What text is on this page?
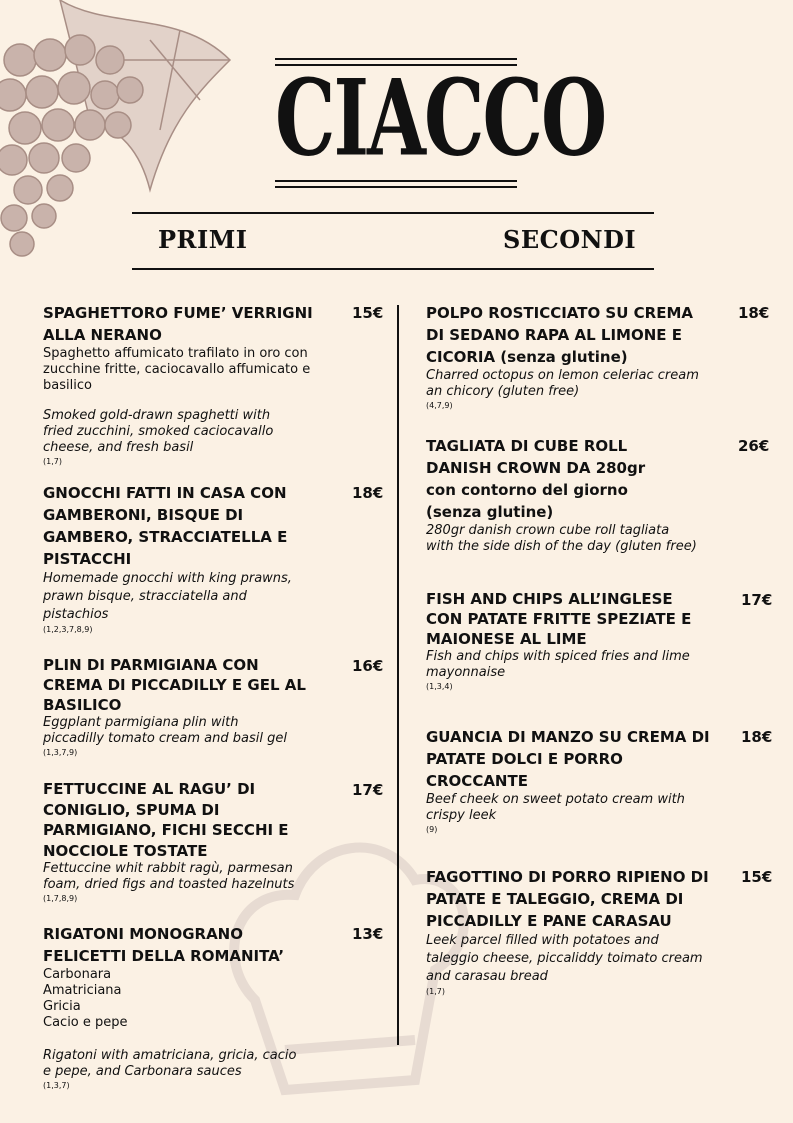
CIACCO
PRIMI	SECONDI
SPAGHETTORO FUME’ VERRIGNI
ALLA NERANO
15€
Spaghetto affumicato trafilato in oro con
zucchine fritte, caciocavallo affumicato e
basilico
Smoked gold-drawn spaghetti with
fried zucchini, smoked caciocavallo
cheese, and fresh basil
(1,7)
GNOCCHI FATTI IN CASA CON
GAMBERONI, BISQUE DI
GAMBERO, STRACCIATELLA E
PISTACCHI
18€
Homemade gnocchi with king prawns,
prawn bisque, stracciatella and
pistachios
(1,2,3,7,8,9)
PLIN DI PARMIGIANA CON
CREMA DI PICCADILLY E GEL AL
BASILICO
16€
Eggplant parmigiana plin with
piccadilly tomato cream and basil gel
(1,3,7,9)
FETTUCCINE AL RAGU’ DI
CONIGLIO, SPUMA DI
PARMIGIANO, FICHI SECCHI E
NOCCIOLE TOSTATE
17€
Fettuccine whit rabbit ragù, parmesan
foam, dried figs and toasted hazelnuts
(1,7,8,9)
RIGATONI MONOGRANO
FELICETTI DELLA ROMANITA’
13€
Carbonara
Amatriciana
Gricia
Cacio e pepe
Rigatoni with amatriciana, gricia, cacio
e pepe, and Carbonara sauces
(1,3,7)
POLPO ROSTICCIATO SU CREMA
DI SEDANO RAPA AL LIMONE E
CICORIA (senza glutine)
18€
Charred octopus on lemon celeriac cream
an chicory (gluten free)
(4,7,9)
TAGLIATA DI CUBE ROLL
DANISH CROWN DA 280gr
con contorno del giorno
(senza glutine)
26€
280gr danish crown cube roll tagliata
with the side dish of the day (gluten free)
FISH AND CHIPS ALL’INGLESE
CON PATATE FRITTE SPEZIATE E
MAIONESE AL LIME
17€
Fish and chips with spiced fries and lime
mayonnaise
(1,3,4)
GUANCIA DI MANZO SU CREMA DI
PATATE DOLCI E PORRO
CROCCANTE
18€
Beef cheek on sweet potato cream with
crispy leek
(9)
FAGOTTINO DI PORRO RIPIENO DI
PATATE E TALEGGIO, CREMA DI
PICCADILLY E PANE CARASAU
15€
Leek parcel filled with potatoes and
taleggio cheese, piccaliddy toimato cream
and carasau bread
(1,7)
